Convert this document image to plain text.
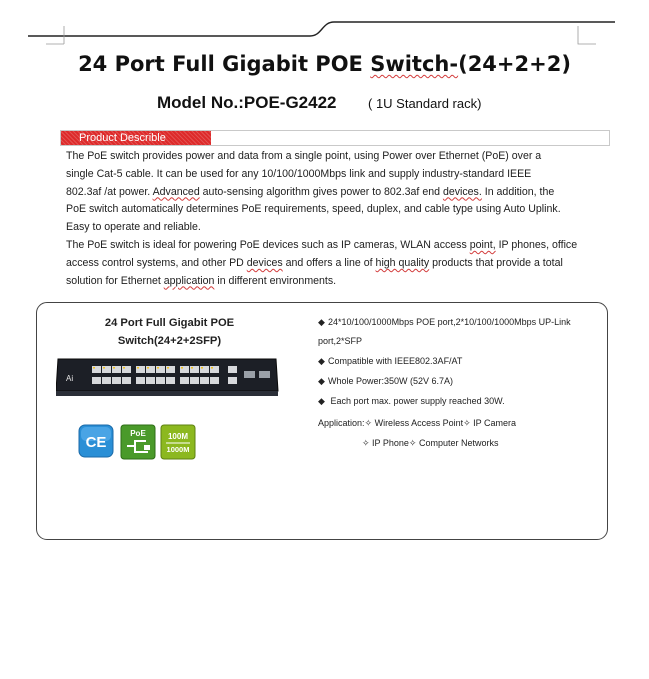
24 Port Full Gigabit POE Switch-(24+2+2)
Model No.:POE-G2422 ( 1U Standard rack)
Product Describle

The PoE switch provides power and data from a single point, using Power over Ethernet (PoE) over a

single Cat-5 cable. It can be used for any 10/100/1000Mbps link and supply industry-standard IEEE

802.3af /at power. Advanced auto-sensing algorithm gives power to 802.3af end devices. In addition, the

PoE switch automatically determines PoE requirements, speed, duplex, and cable type using Auto Uplink.

Easy to operate and reliable.

The PoE switch is ideal for powering PoE devices such as IP cameras, WLAN access point, IP phones, office

access control systems, and other PD devices and offers a line of high quality products that provide a total

solution for Ethernet application in different environments.

24 Port Full Gigabit POE
Switch(24+2+2SFP)
Ai
CE
PoE	100M
1000M
◆ 24*10/100/1000Mbps POE port,2*10/100/1000Mbps UP-Link
port,2*SFP
◆ Compatible with IEEE802.3AF/AT
◆ Whole Power:350W (52V 6.7A)
◆ Each port max. power supply reached 30W.
Application:✧ Wireless Access Point✧ IP Camera
✧ IP Phone✧ Computer Networks
